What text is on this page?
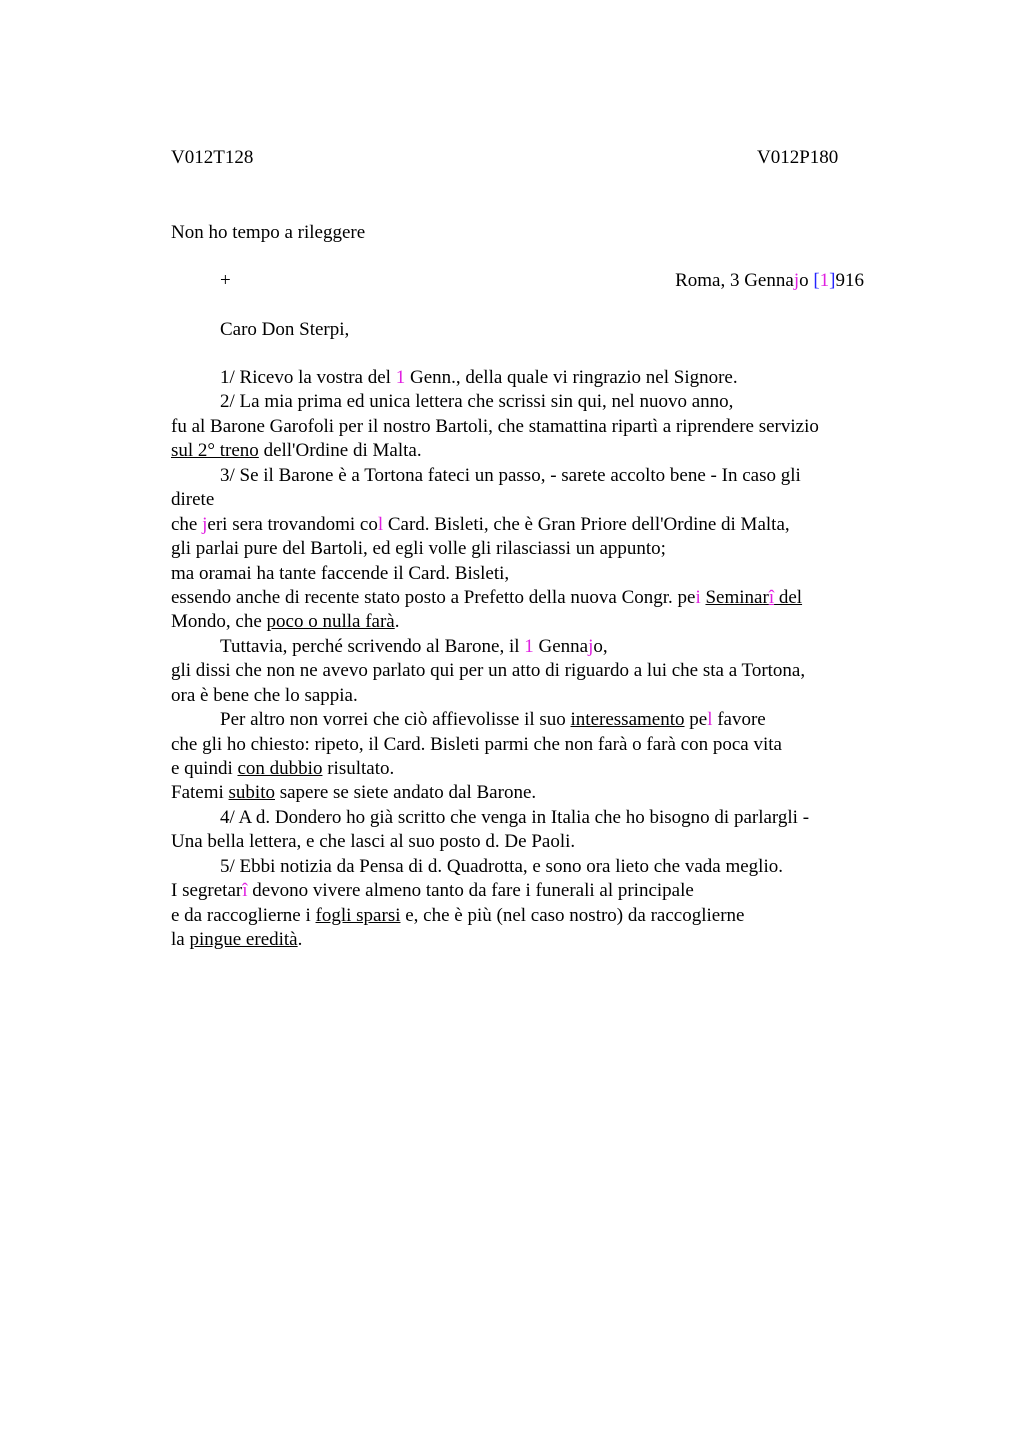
V012T128	V012P180
Non ho tempo a rileggere
+	Roma, 3 Gennajo [1]916
Caro Don Sterpi,
1/ Ricevo la vostra del 1 Genn., della quale vi ringrazio nel Signore.
2/ La mia prima ed unica lettera che scrissi sin qui, nel nuovo anno,
fu al Barone Garofoli per il nostro Bartoli, che stamattina ripartì a riprendere servizio
sul 2° treno dell'Ordine di Malta.
3/ Se il Barone è a Tortona fateci un passo, - sarete accolto bene - In caso gli
direte
che jeri sera trovandomi col Card. Bisleti, che è Gran Priore dell'Ordine di Malta,
gli parlai pure del Bartoli, ed egli volle gli rilasciassi un appunto;
ma oramai ha tante faccende il Card. Bisleti,
essendo anche di recente stato posto a Prefetto della nuova Congr. pei Seminarî del
Mondo, che poco o nulla farà.
Tuttavia, perché scrivendo al Barone, il 1 Gennajo,
gli dissi che non ne avevo parlato qui per un atto di riguardo a lui che sta a Tortona,
ora è bene che lo sappia.
Per altro non vorrei che ciò affievolisse il suo interessamento pel favore
che gli ho chiesto: ripeto, il Card. Bisleti parmi che non farà o farà con poca vita
e quindi con dubbio risultato.
Fatemi subito sapere se siete andato dal Barone.
4/ A d. Dondero ho già scritto che venga in Italia che ho bisogno di parlargli -
Una bella lettera, e che lasci al suo posto d. De Paoli.
5/ Ebbi notizia da Pensa di d. Quadrotta, e sono ora lieto che vada meglio.
I segretarî devono vivere almeno tanto da fare i funerali al principale
e da raccoglierne i fogli sparsi e, che è più (nel caso nostro) da raccoglierne
la pingue eredità.
